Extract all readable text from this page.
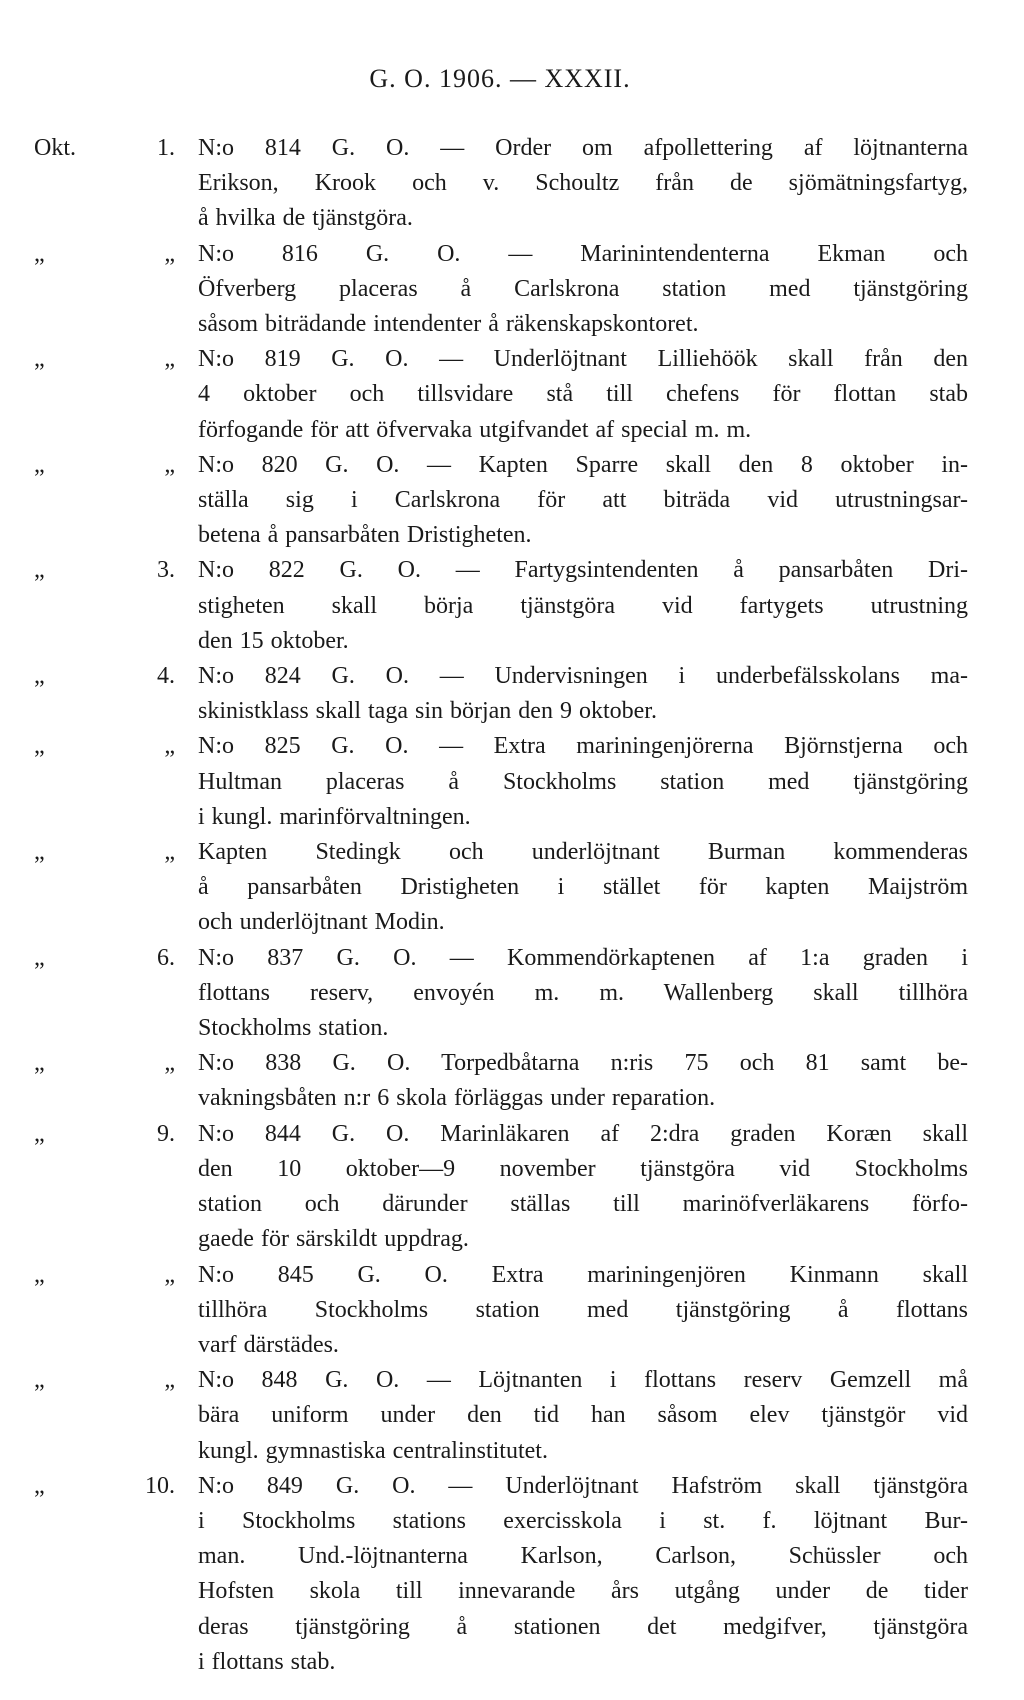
G. O. 1906. — XXXII.
Okt.	1. N:o 814 G. O. — Order om afpollettering af löjtnanterna
Erikson, Krook och v. Schoultz från de sjömätningsfartyg,
å hvilka de tjänstgöra.
„	„ N:o 816 G. O. — Marinintendenterna Ekman och
Öfverberg placeras å Carlskrona station med tjänstgöring
såsom biträdande intendenter å räkenskapskontoret.
„	„ N:o 819 G. O. — Underlöjtnant Lilliehöök skall från den
4 oktober och tillsvidare stå till chefens för flottan stab
förfogande för att öfvervaka utgifvandet af special m. m.
„	„ N:o 820 G. O. — Kapten Sparre skall den 8 oktober in-
ställa sig i Carlskrona för att biträda vid utrustningsar-
betena å pansarbåten Dristigheten.
„	3. N:o 822 G. O. — Fartygsintendenten å pansarbåten Dri-
stigheten skall börja tjänstgöra vid fartygets utrustning
den 15 oktober.
„	4. N:o 824 G. O. — Undervisningen i underbefälsskolans ma-
skinistklass skall taga sin början den 9 oktober.
„	„ N:o 825 G. O. — Extra mariningenjörerna Björnstjerna och
Hultman placeras å Stockholms station med tjänstgöring
i kungl. marinförvaltningen.
„	„ Kapten Stedingk och underlöjtnant Burman kommenderas
å pansarbåten Dristigheten i stället för kapten Maijström
och underlöjtnant Modin.
„	6. N:o 837 G. O. — Kommendörkaptenen af 1:a graden i
flottans reserv, envoyén m. m. Wallenberg skall tillhöra
Stockholms station.
„	„ N:o 838 G. O. Torpedbåtarna n:ris 75 och 81 samt be-
vakningsbåten n:r 6 skola förläggas under reparation.
„	9. N:o 844 G. O. Marinläkaren af 2:dra graden Koræn skall
den 10 oktober—9 november tjänstgöra vid Stockholms
station och därunder ställas till marinöfverläkarens förfo-
gaede för särskildt uppdrag.
„	„ N:o 845 G. O. Extra mariningenjören Kinmann skall
tillhöra Stockholms station med tjänstgöring å flottans
varf därstädes.
„	„ N:o 848 G. O. — Löjtnanten i flottans reserv Gemzell må
bära uniform under den tid han såsom elev tjänstgör vid
kungl. gymnastiska centralinstitutet.
„	10. N:o 849 G. O. — Underlöjtnant Hafström skall tjänstgöra
i Stockholms stations exercisskola i st. f. löjtnant Bur-
man. Und.-löjtnanterna Karlson, Carlson, Schüssler och
Hofsten skola till innevarande års utgång under de tider
deras tjänstgöring å stationen det medgifver, tjänstgöra
i flottans stab.
